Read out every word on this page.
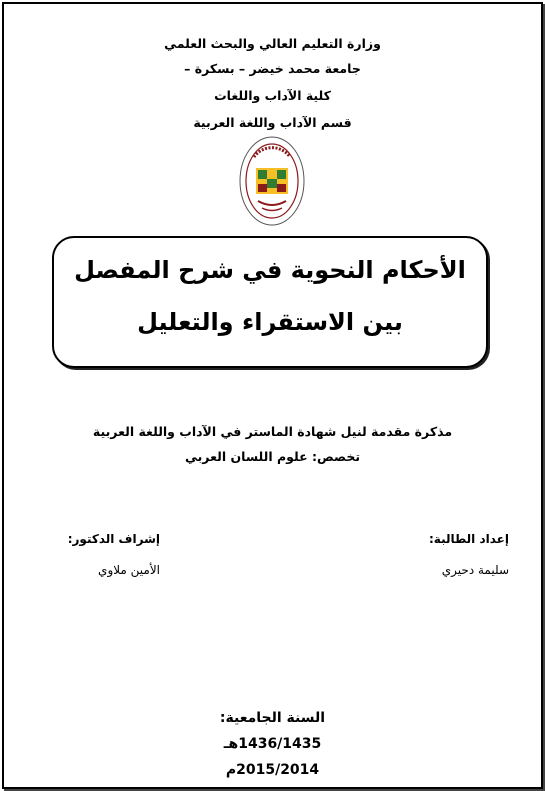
وزارة التعليم العالي والبحث العلمي
جامعة محمد خيضر – بسكرة –
كلية الآداب واللغات
قسم الآداب واللغة العربية
الأحكام النحوية في شرح المفصل
بين الاستقراء والتعليل
مذكرة مقدمة لنيل شهادة الماستر في الآداب واللغة العربية
تخصص: علوم اللسان العربي
إعداد الطالبة:
سليمة دحيري
إشراف الدكتور:
الأمين ملاوي
السنة الجامعية:
1436/1435هـ
2015/2014م
